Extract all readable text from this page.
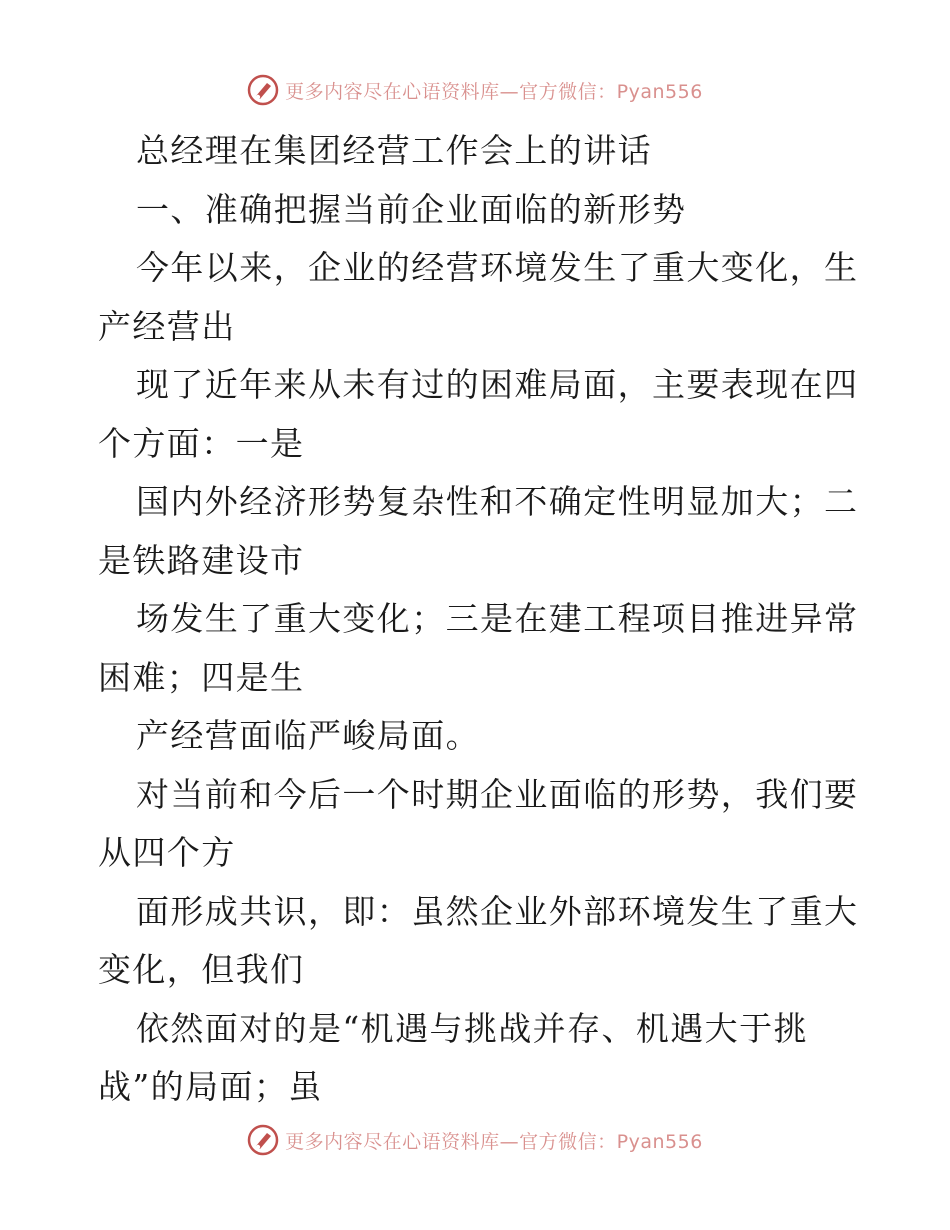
更多内容尽在心语资料库—官方微信：Pyan556
总经理在集团经营工作会上的讲话
一、准确把握当前企业面临的新形势
今年以来，企业的经营环境发生了重大变化，生
产经营出
现了近年来从未有过的困难局面，主要表现在四
个方面：一是
国内外经济形势复杂性和不确定性明显加大；二
是铁路建设市
场发生了重大变化；三是在建工程项目推进异常
困难；四是生
产经营面临严峻局面。
对当前和今后一个时期企业面临的形势，我们要
从四个方
面形成共识，即：虽然企业外部环境发生了重大
变化，但我们
依然面对的是“机遇与挑战并存、机遇大于挑
战”的局面；虽
更多内容尽在心语资料库—官方微信：Pyan556
